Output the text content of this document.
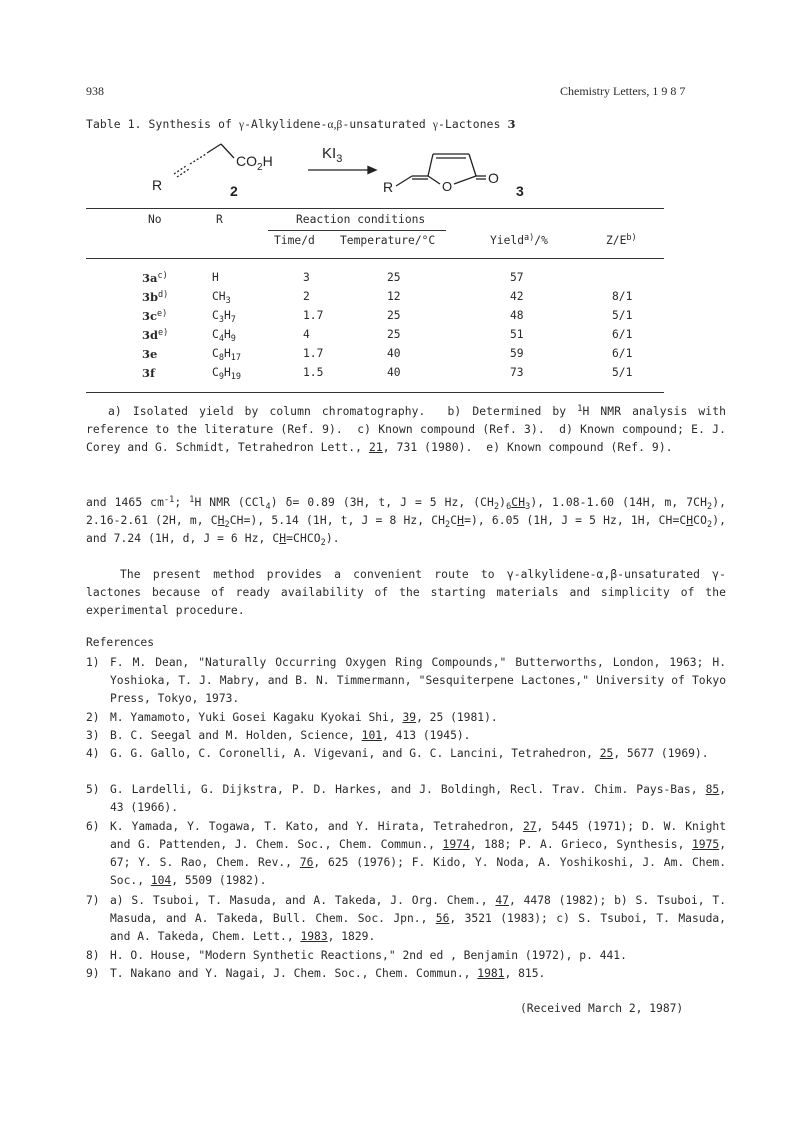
938	Chemistry Letters, 1 9 8 7
Table 1. Synthesis of γ-Alkylidene-α,β-unsaturated γ-Lactones 3
$CO_2H$
R	2
$KI_3$
R	O
O
3
No	R	Reaction conditions
Time/d Temperature/°C	Yield$^{a)}$/%	$Z/E^{b)}$
$3a^{c)}$	H	3	25	57
$3b^{d)}$	$CH_3$	2	12	42	8/1
$3c^{e)}$	$C_3H_7$	1.7	25	48	5/1
$3d^{e)}$	$C_4H_9$	4	25	51	6/1
3e	$C_8H_{17}$	1.7	40	59	6/1
3f	$C_9H_{19}$	1.5	40	73	5/1
a) Isolated yield by column chromatography. b) Determined by $^1$H NMR analysis with reference to the literature (Ref. 9). c) Known compound (Ref. 3). d) Known compound; E. J. Corey and G. Schmidt, Tetrahedron Lett., 21, 731 (1980). e) Known compound (Ref. 9).
and 1465 $cm^{-1}$; $^1$H NMR (CCl$_4$) δ= 0.89 (3H, t, J = 5 Hz, $(CH_2)_6CH_3$), 1.08-1.60 (14H, m, $7CH_2$), 2.16-2.61 (2H, m, $CH_2CH=$), 5.14 (1H, t, J = 8 Hz, $CH_2CH=$), 6.05 (1H, J = 5 Hz, 1H, $CH=CHCO_2$), and 7.24 (1H, d, J = 6 Hz, $CH=CHCO_2$).
The present method provides a convenient route to γ-alkylidene-α,β-unsaturated γ-lactones because of ready availability of the starting materials and simplicity of the experimental procedure.
References
1) F. M. Dean, "Naturally Occurring Oxygen Ring Compounds," Butterworths, London, 1963; H. Yoshioka, T. J. Mabry, and B. N. Timmermann, "Sesquiterpene Lactones," University of Tokyo Press, Tokyo, 1973.
2) M. Yamamoto, Yuki Gosei Kagaku Kyokai Shi, 39, 25 (1981).
3) B. C. Seegal and M. Holden, Science, 101, 413 (1945).
4) G. G. Gallo, C. Coronelli, A. Vigevani, and G. C. Lancini, Tetrahedron, 25, 5677 (1969).
5) G. Lardelli, G. Dijkstra, P. D. Harkes, and J. Boldingh, Recl. Trav. Chim. Pays-Bas, 85, 43 (1966).
6) K. Yamada, Y. Togawa, T. Kato, and Y. Hirata, Tetrahedron, 27, 5445 (1971); D. W. Knight and G. Pattenden, J. Chem. Soc., Chem. Commun., 1974, 188; P. A. Grieco, Synthesis, 1975, 67; Y. S. Rao, Chem. Rev., 76, 625 (1976); F. Kido, Y. Noda, A. Yoshikoshi, J. Am. Chem. Soc., 104, 5509 (1982).
7) a) S. Tsuboi, T. Masuda, and A. Takeda, J. Org. Chem., 47, 4478 (1982); b) S. Tsuboi, T. Masuda, and A. Takeda, Bull. Chem. Soc. Jpn., 56, 3521 (1983); c) S. Tsuboi, T. Masuda, and A. Takeda, Chem. Lett., 1983, 1829.
8) H. O. House, "Modern Synthetic Reactions," 2nd ed , Benjamin (1972), p. 441.
9) T. Nakano and Y. Nagai, J. Chem. Soc., Chem. Commun., 1981, 815.
(Received March 2, 1987)
